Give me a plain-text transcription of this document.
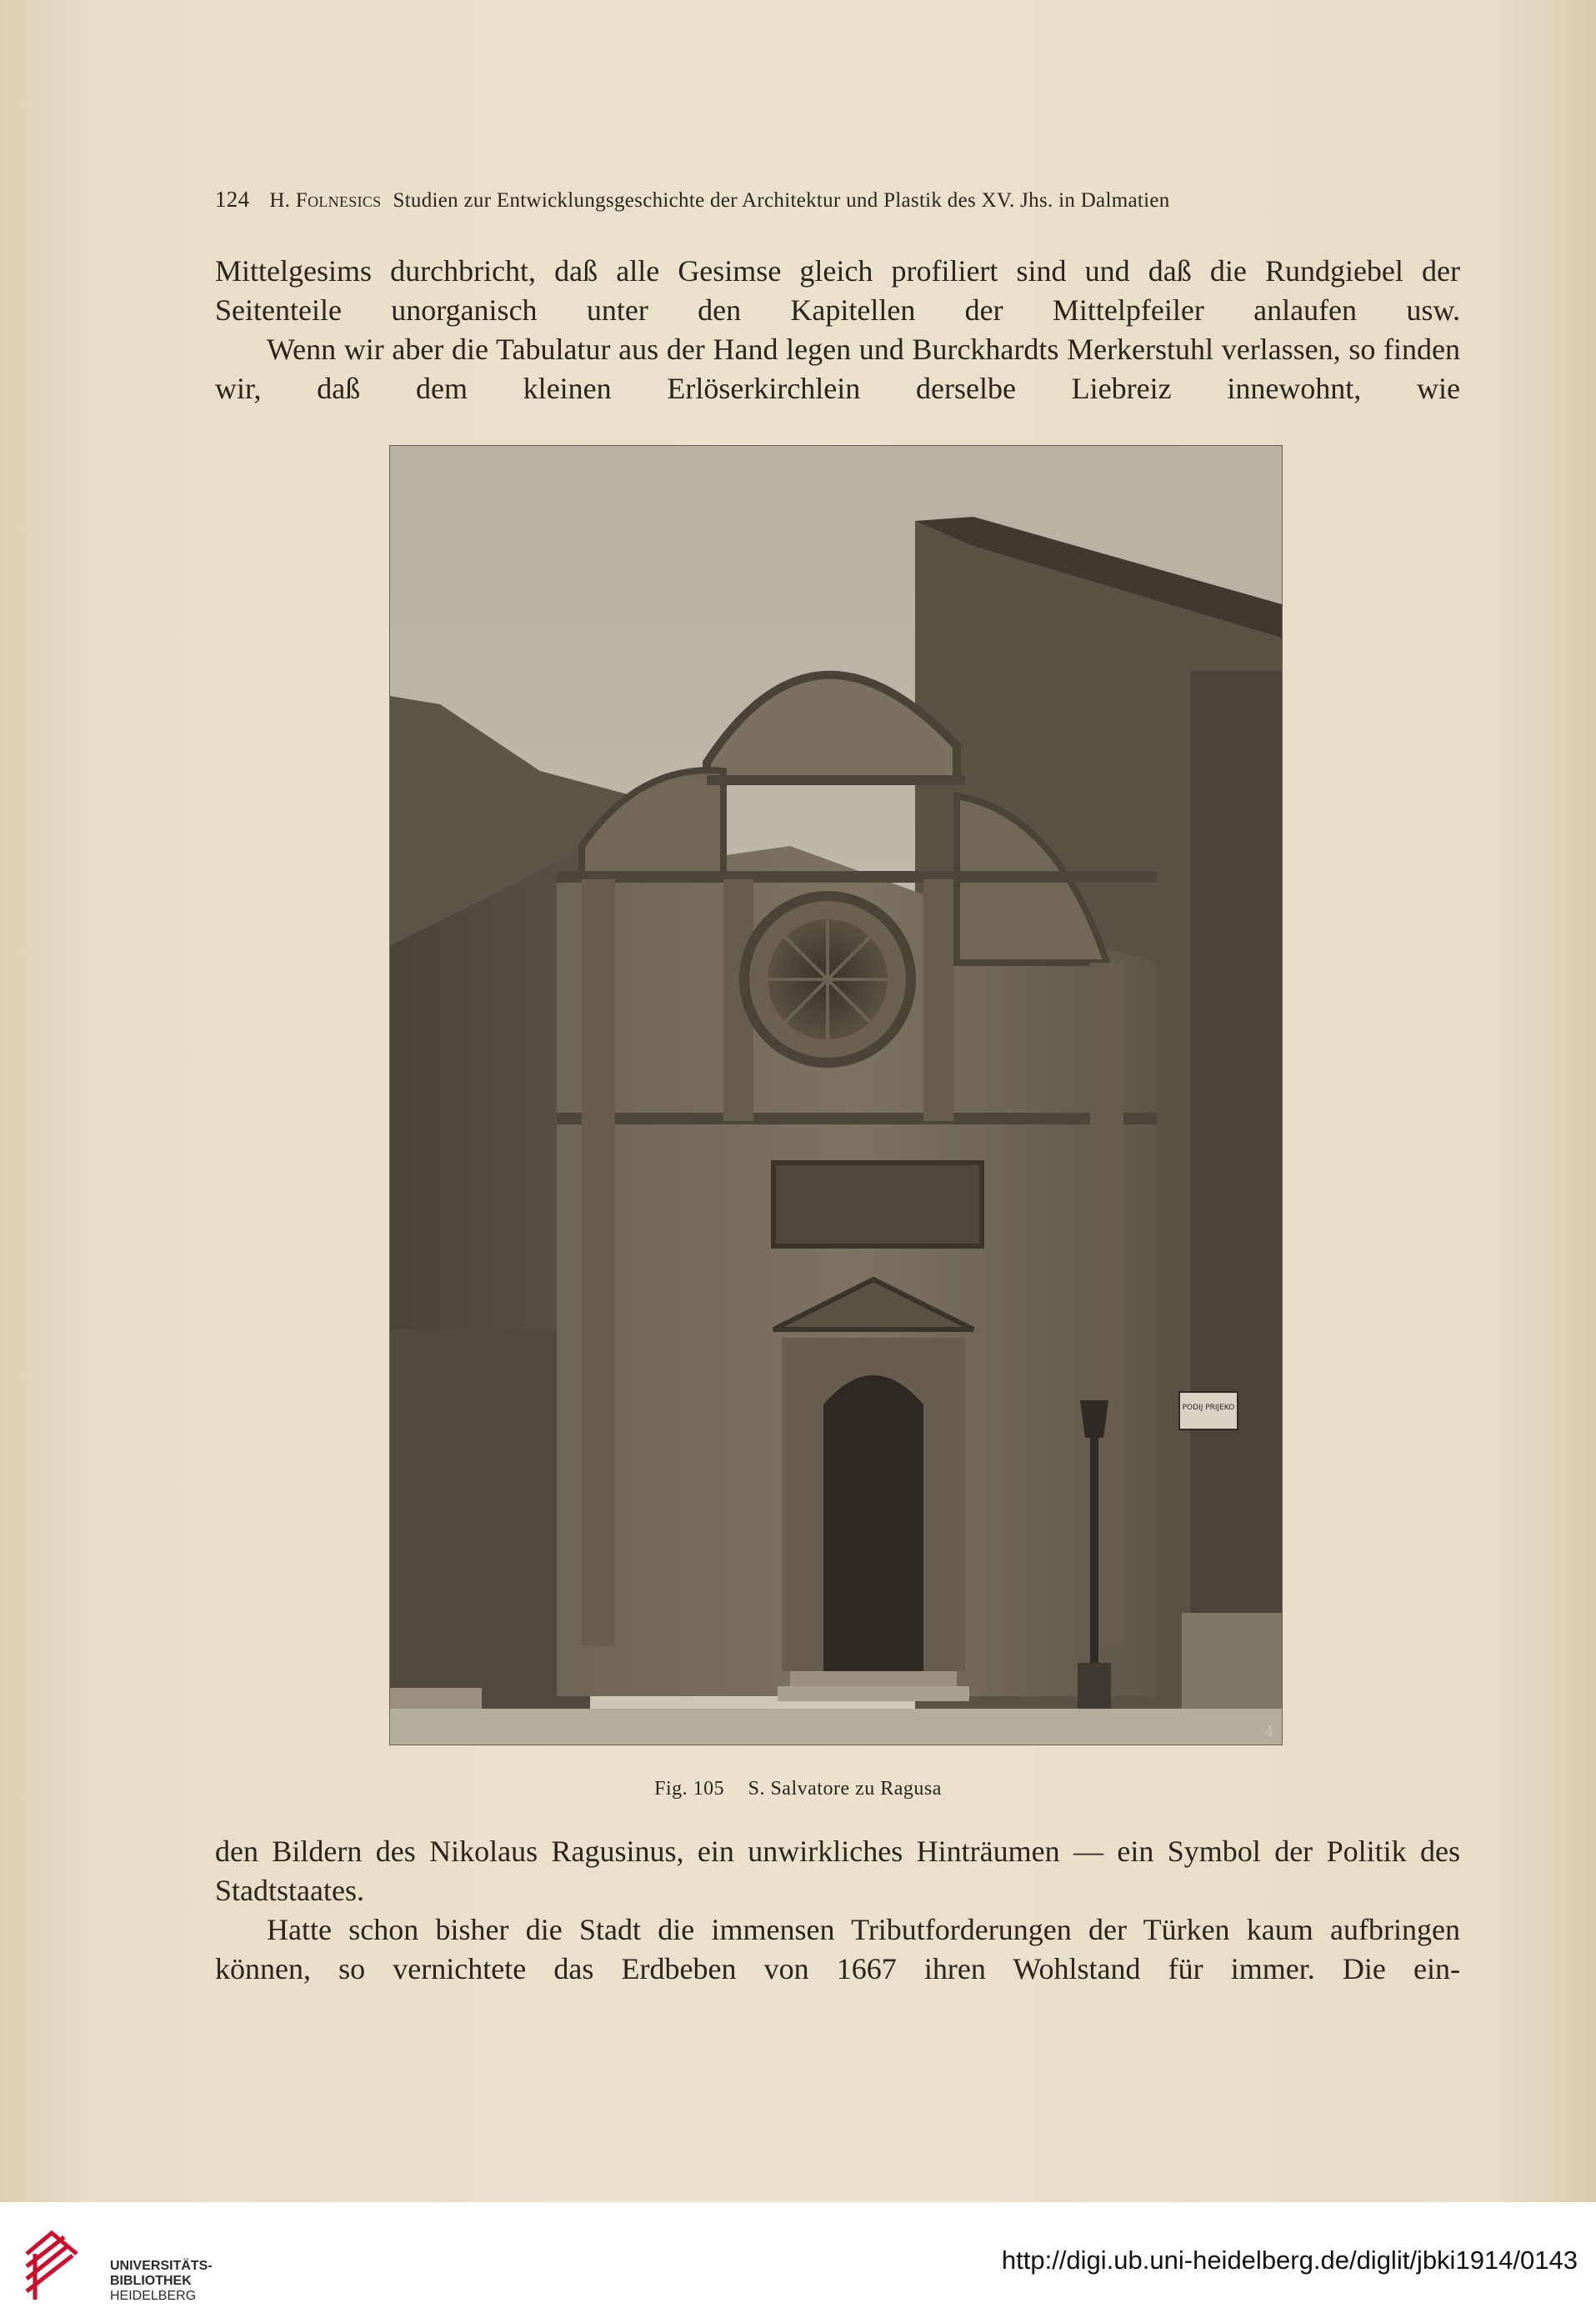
124 H. Folnesics Studien zur Entwicklungsgeschichte der Architektur und Plastik des XV. Jhs. in Dalmatien

Mittelgesims durchbricht, daß alle Gesimse gleich profiliert sind und daß die Rundgiebel der Seitenteile unorganisch unter den Kapitellen der Mittelpfeiler anlaufen usw.

Wenn wir aber die Tabulatur aus der Hand legen und Burckhardts Merkerstuhl verlassen, so finden wir, daß dem kleinen Erlöserkirchlein derselbe Liebreiz innewohnt, wie

PODIJ PRIJEKO
4
Fig. 105 S. Salvatore zu Ragusa

den Bildern des Nikolaus Ragusinus, ein unwirkliches Hinträumen — ein Symbol der Politik des Stadtstaates.

Hatte schon bisher die Stadt die immensen Tributforderungen der Türken kaum aufbringen können, so vernichtete das Erdbeben von 1667 ihren Wohlstand für immer. Die ein-

UNIVERSITÄTS-
BIBLIOTHEK
HEIDELBERG
http://digi.ub.uni-heidelberg.de/diglit/jbki1914/0143
